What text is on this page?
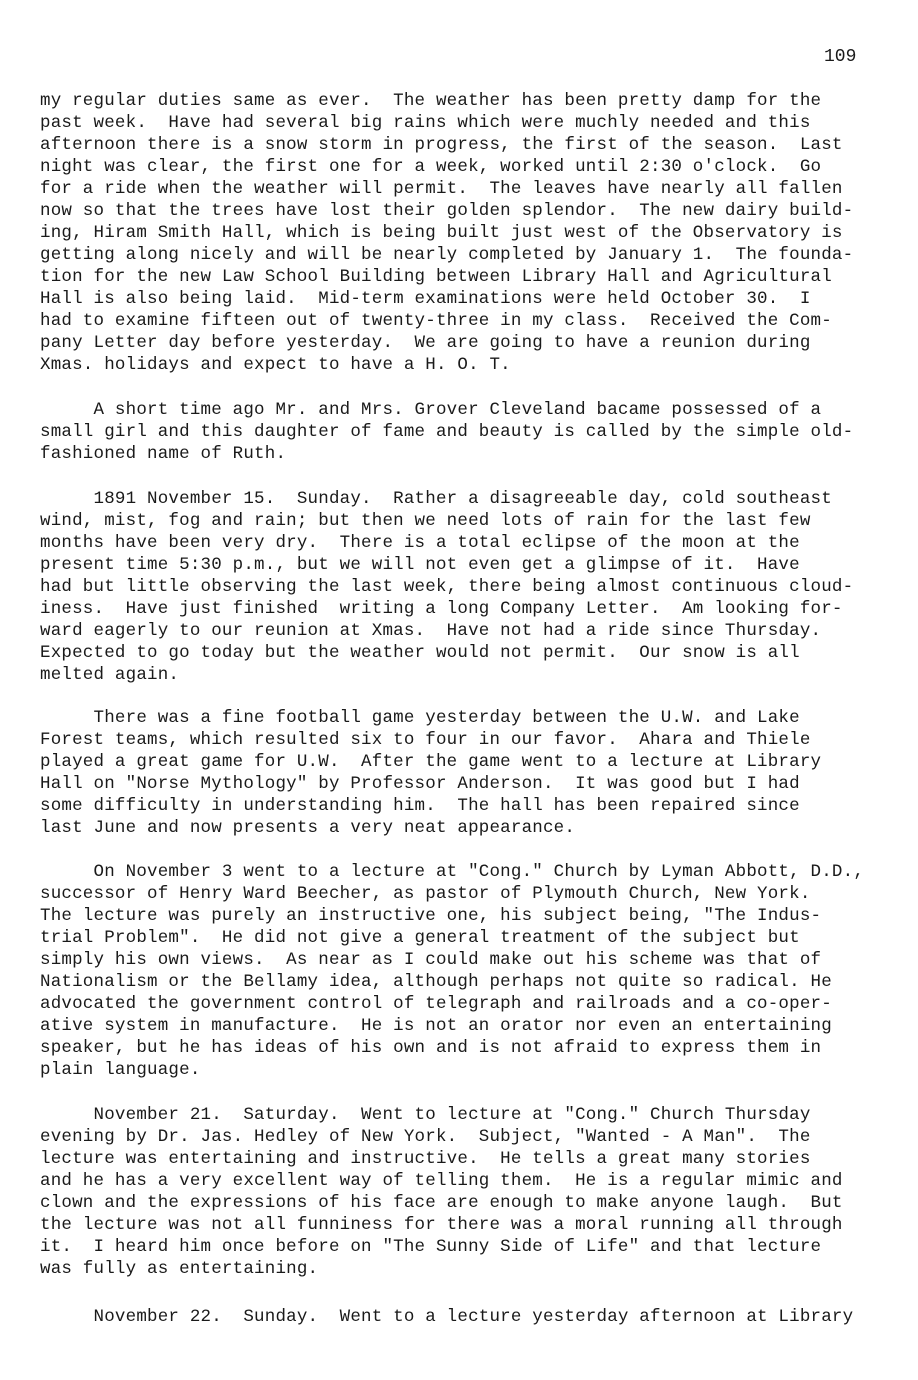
109
my regular duties same as ever.  The weather has been pretty damp for the
past week.  Have had several big rains which were muchly needed and this
afternoon there is a snow storm in progress, the first of the season.  Last
night was clear, the first one for a week, worked until 2:30 o'clock.  Go
for a ride when the weather will permit.  The leaves have nearly all fallen
now so that the trees have lost their golden splendor.  The new dairy build-
ing, Hiram Smith Hall, which is being built just west of the Observatory is
getting along nicely and will be nearly completed by January 1.  The founda-
tion for the new Law School Building between Library Hall and Agricultural
Hall is also being laid.  Mid-term examinations were held October 30.  I
had to examine fifteen out of twenty-three in my class.  Received the Com-
pany Letter day before yesterday.  We are going to have a reunion during
Xmas. holidays and expect to have a H. O. T.
A short time ago Mr. and Mrs. Grover Cleveland bacame possessed of a
small girl and this daughter of fame and beauty is called by the simple old-
fashioned name of Ruth.
1891 November 15.  Sunday.  Rather a disagreeable day, cold southeast
wind, mist, fog and rain; but then we need lots of rain for the last few
months have been very dry.  There is a total eclipse of the moon at the
present time 5:30 p.m., but we will not even get a glimpse of it.  Have
had but little observing the last week, there being almost continuous cloud-
iness.  Have just finished  writing a long Company Letter.  Am looking for-
ward eagerly to our reunion at Xmas.  Have not had a ride since Thursday.
Expected to go today but the weather would not permit.  Our snow is all
melted again.
There was a fine football game yesterday between the U.W. and Lake
Forest teams, which resulted six to four in our favor.  Ahara and Thiele
played a great game for U.W.  After the game went to a lecture at Library
Hall on "Norse Mythology" by Professor Anderson.  It was good but I had
some difficulty in understanding him.  The hall has been repaired since
last June and now presents a very neat appearance.
On November 3 went to a lecture at "Cong." Church by Lyman Abbott, D.D.,
successor of Henry Ward Beecher, as pastor of Plymouth Church, New York.
The lecture was purely an instructive one, his subject being, "The Indus-
trial Problem".  He did not give a general treatment of the subject but
simply his own views.  As near as I could make out his scheme was that of
Nationalism or the Bellamy idea, although perhaps not quite so radical. He
advocated the government control of telegraph and railroads and a co-oper-
ative system in manufacture.  He is not an orator nor even an entertaining
speaker, but he has ideas of his own and is not afraid to express them in
plain language.
November 21.  Saturday.  Went to lecture at "Cong." Church Thursday
evening by Dr. Jas. Hedley of New York.  Subject, "Wanted - A Man".  The
lecture was entertaining and instructive.  He tells a great many stories
and he has a very excellent way of telling them.  He is a regular mimic and
clown and the expressions of his face are enough to make anyone laugh.  But
the lecture was not all funniness for there was a moral running all through
it.  I heard him once before on "The Sunny Side of Life" and that lecture
was fully as entertaining.
November 22.  Sunday.  Went to a lecture yesterday afternoon at Library
